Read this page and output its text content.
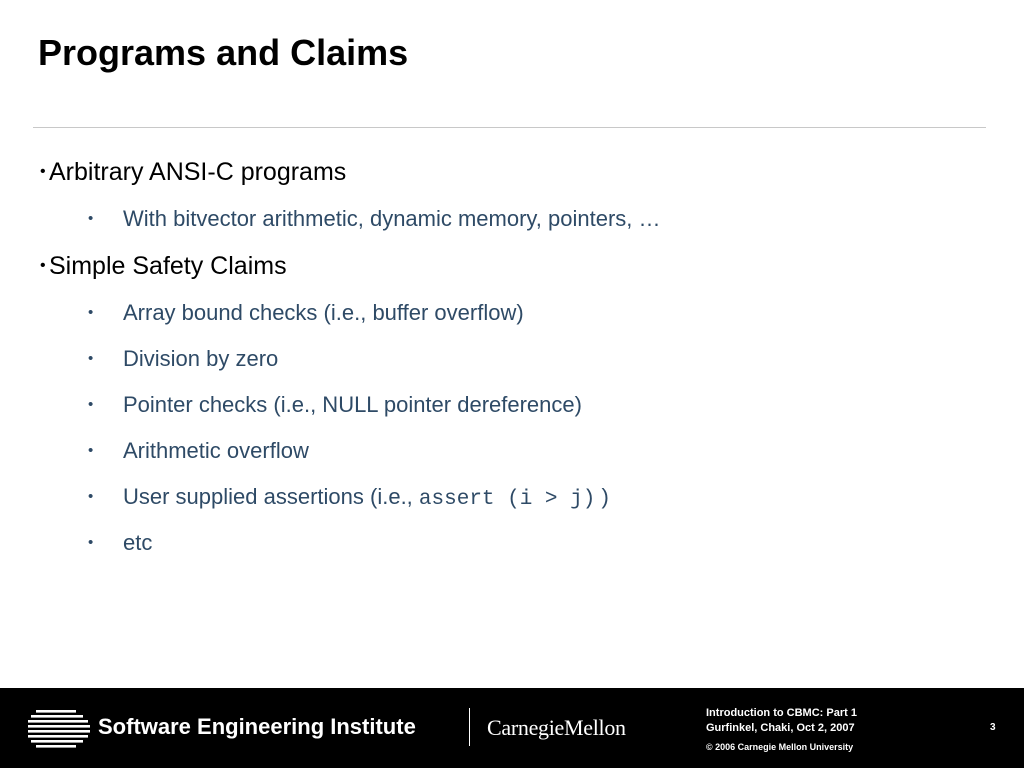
Programs and Claims
• Arbitrary ANSI-C programs
• With bitvector arithmetic, dynamic memory, pointers, …
• Simple Safety Claims
• Array bound checks (i.e., buffer overflow)
• Division by zero
• Pointer checks (i.e., NULL pointer dereference)
• Arithmetic overflow
• User supplied assertions (i.e., assert (i > j) )
• etc
Software Engineering Institute	CarnegieMellon
Introduction to CBMC: Part 1
Gurfinkel, Chaki, Oct 2, 2007
© 2006 Carnegie Mellon University
3
